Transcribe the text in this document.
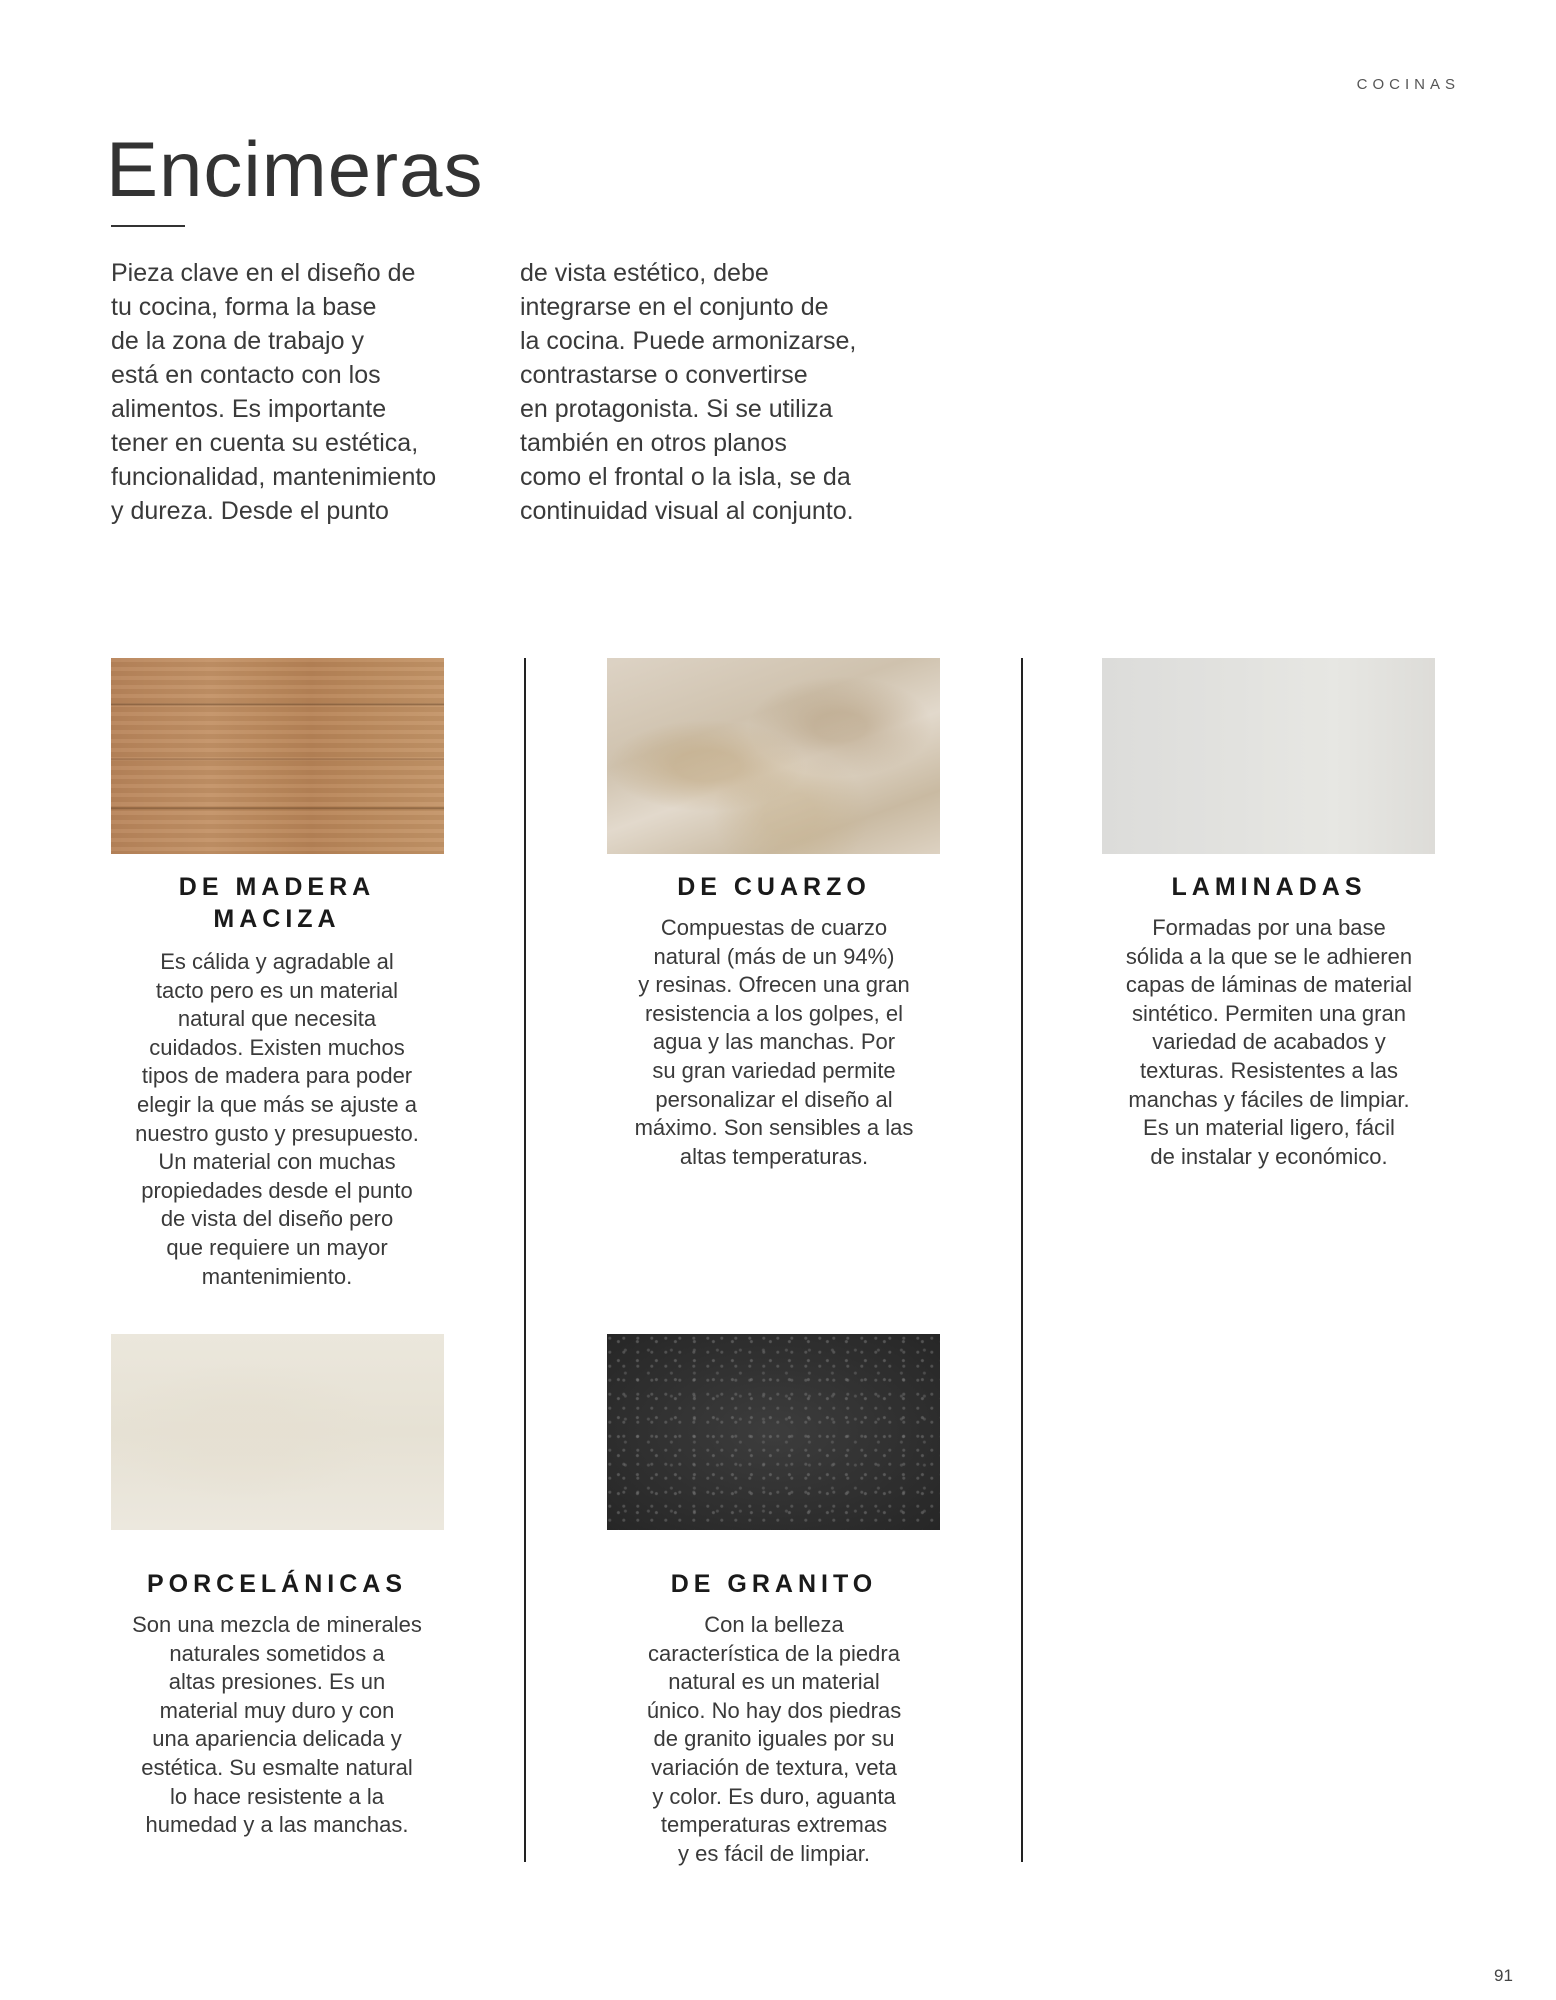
COCINAS
Encimeras

Pieza clave en el diseño de

tu cocina, forma la base

de la zona de trabajo y

está en contacto con los

alimentos. Es importante

tener en cuenta su estética,

funcionalidad, mantenimiento

y dureza. Desde el punto

de vista estético, debe

integrarse en el conjunto de

la cocina. Puede armonizarse,

contrastarse o convertirse

en protagonista. Si se utiliza

también en otros planos

como el frontal o la isla, se da

continuidad visual al conjunto.

DE MADERA
MACIZA
Es cálida y agradable al
tacto pero es un material
natural que necesita
cuidados. Existen muchos
tipos de madera para poder
elegir la que más se ajuste a
nuestro gusto y presupuesto.
Un material con muchas
propiedades desde el punto
de vista del diseño pero
que requiere un mayor
mantenimiento.
DE CUARZO
Compuestas de cuarzo
natural (más de un 94%)
y resinas. Ofrecen una gran
resistencia a los golpes, el
agua y las manchas. Por
su gran variedad permite
personalizar el diseño al
máximo. Son sensibles a las
altas temperaturas.
LAMINADAS
Formadas por una base
sólida a la que se le adhieren
capas de láminas de material
sintético. Permiten una gran
variedad de acabados y
texturas. Resistentes a las
manchas y fáciles de limpiar.
Es un material ligero, fácil
de instalar y económico.
PORCELÁNICAS
Son una mezcla de minerales
naturales sometidos a
altas presiones. Es un
material muy duro y con
una apariencia delicada y
estética. Su esmalte natural
lo hace resistente a la
humedad y a las manchas.
DE GRANITO
Con la belleza
característica de la piedra
natural es un material
único. No hay dos piedras
de granito iguales por su
variación de textura, veta
y color. Es duro, aguanta
temperaturas extremas
y es fácil de limpiar.
91
